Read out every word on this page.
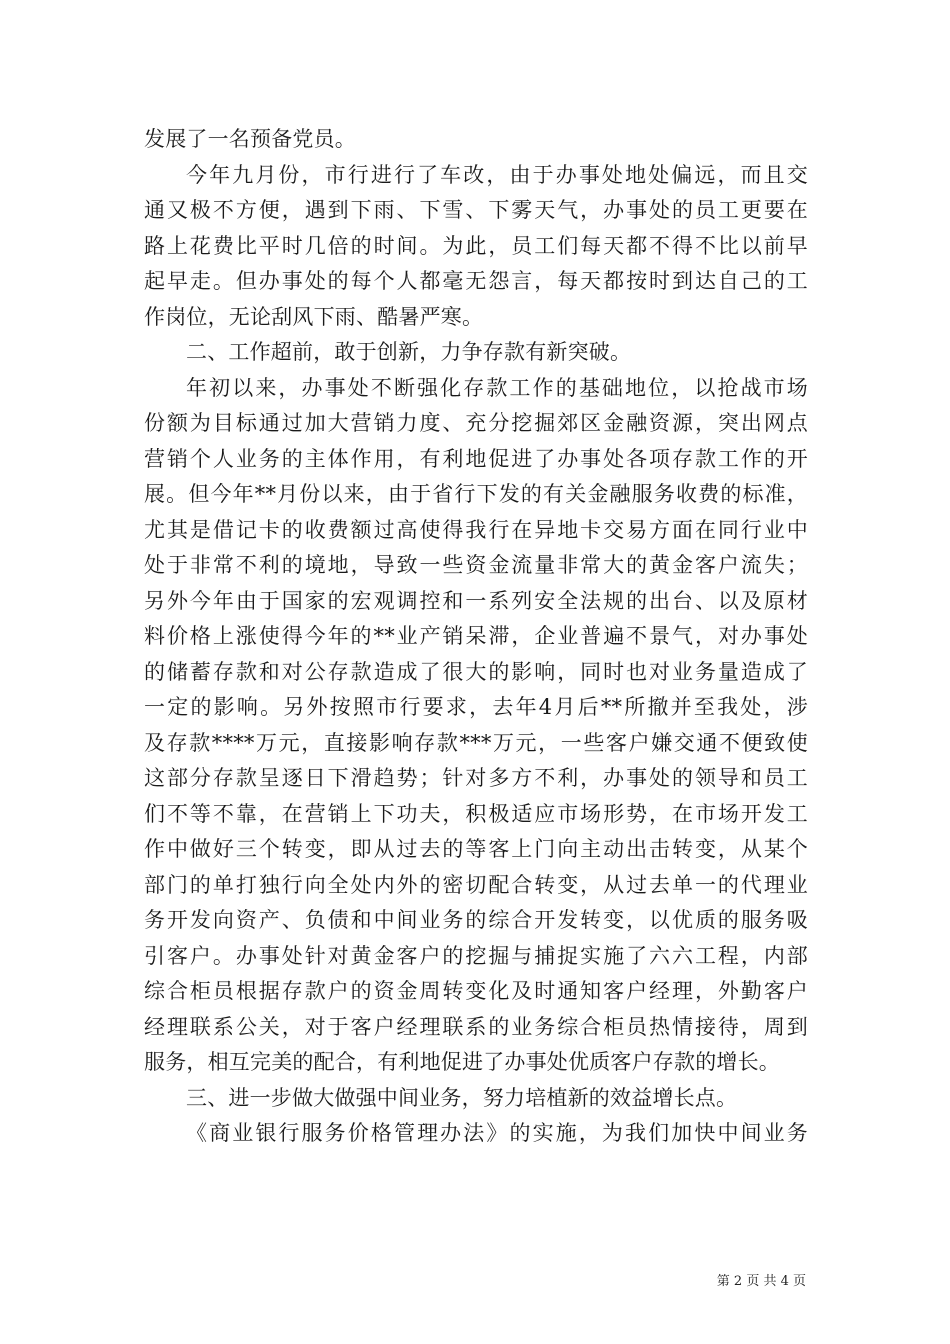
发展了一名预备党员。
今年九月份，市行进行了车改，由于办事处地处偏远，而且交
通又极不方便，遇到下雨、下雪、下雾天气，办事处的员工更要在
路上花费比平时几倍的时间。为此，员工们每天都不得不比以前早
起早走。但办事处的每个人都毫无怨言，每天都按时到达自己的工
作岗位，无论刮风下雨、酷暑严寒。
二、工作超前，敢于创新，力争存款有新突破。
年初以来，办事处不断强化存款工作的基础地位，以抢战市场
份额为目标通过加大营销力度、充分挖掘郊区金融资源，突出网点
营销个人业务的主体作用，有利地促进了办事处各项存款工作的开
展。但今年**月份以来，由于省行下发的有关金融服务收费的标准，
尤其是借记卡的收费额过高使得我行在异地卡交易方面在同行业中
处于非常不利的境地，导致一些资金流量非常大的黄金客户流失；
另外今年由于国家的宏观调控和一系列安全法规的出台、以及原材
料价格上涨使得今年的**业产销呆滞，企业普遍不景气，对办事处
的储蓄存款和对公存款造成了很大的影响，同时也对业务量造成了
一定的影响。另外按照市行要求，去年4月后**所撤并至我处，涉
及存款****万元，直接影响存款***万元，一些客户嫌交通不便致使
这部分存款呈逐日下滑趋势；针对多方不利，办事处的领导和员工
们不等不靠，在营销上下功夫，积极适应市场形势，在市场开发工
作中做好三个转变，即从过去的等客上门向主动出击转变，从某个
部门的单打独行向全处内外的密切配合转变，从过去单一的代理业
务开发向资产、负债和中间业务的综合开发转变，以优质的服务吸
引客户。办事处针对黄金客户的挖掘与捕捉实施了六六工程，内部
综合柜员根据存款户的资金周转变化及时通知客户经理，外勤客户
经理联系公关，对于客户经理联系的业务综合柜员热情接待，周到
服务，相互完美的配合，有利地促进了办事处优质客户存款的增长。
三、进一步做大做强中间业务，努力培植新的效益增长点。
《商业银行服务价格管理办法》的实施，为我们加快中间业务
第 2 页 共 4 页
